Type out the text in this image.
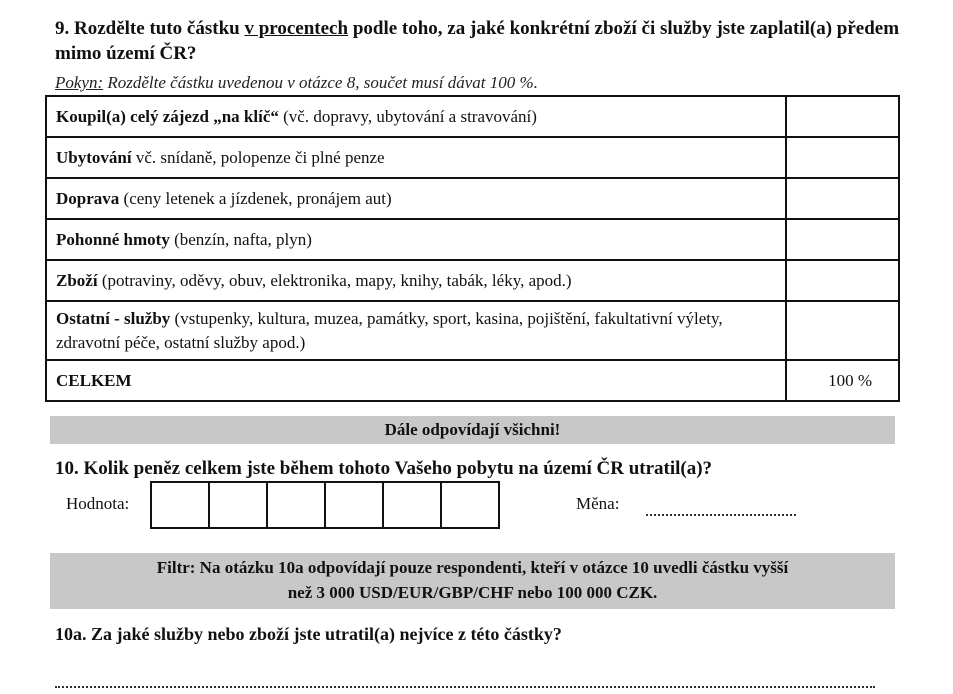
9. Rozdělte tuto částku v procentech podle toho, za jaké konkrétní zboží či služby jste zaplatil(a) předem mimo území ČR?
Pokyn: Rozdělte částku uvedenou v otázce 8, součet musí dávat 100 %.
Koupil(a) celý zájezd „na klíč“ (vč. dopravy, ubytování a stravování)	
Ubytování vč. snídaně, polopenze či plné penze	
Doprava (ceny letenek a jízdenek, pronájem aut)	
Pohonné hmoty (benzín, nafta, plyn)	
Zboží (potraviny, oděvy, obuv, elektronika, mapy, knihy, tabák, léky, apod.)	
Ostatní - služby (vstupenky, kultura, muzea, památky, sport, kasina, pojištění, fakultativní výlety, zdravotní péče, ostatní služby apod.)	
CELKEM	100 %
Dále odpovídají všichni!
10. Kolik peněz celkem jste během tohoto Vašeho pobytu na území ČR utratil(a)?
Hodnota:	Měna:
Filtr: Na otázku 10a odpovídají pouze respondenti, kteří v otázce 10 uvedli částku vyšší
než 3 000 USD/EUR/GBP/CHF nebo 100 000 CZK.
10a. Za jaké služby nebo zboží jste utratil(a) nejvíce z této částky?
